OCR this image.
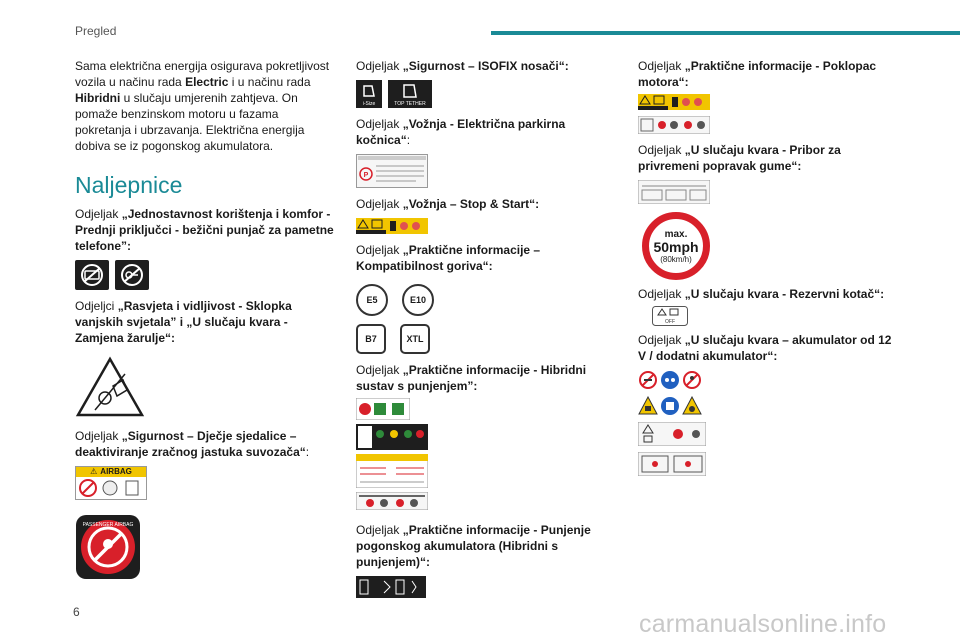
Pregled

Sama električna energija osigurava pokretljivost vozila u načinu rada Electric i u načinu rada Hibridni u slučaju umjerenih zahtjeva. On pomaže benzinskom motoru u fazama pokretanja i ubrzavanja. Električna energija dobiva se iz pogonskog akumulatora.

Naljepnice
Odjeljak „Jednostavnost korištenja i komfor - Prednji priključci - bežični punjač za pametne telefone”:
Odjeljci „Rasvjeta i vidljivost - Sklopka vanjskih svjetala” i „U slučaju kvara - Zamjena žarulje“:
Odjeljak „Sigurnost – Dječje sjedalice – deaktiviranje zračnog jastuka suvozača“:
⚠ AIRBAG
PASSENGER AIRBAG
Odjeljak „Sigurnost – ISOFIX nosači“:
i-Size	TOP TETHER
Odjeljak „Vožnja - Električna parkirna kočnica“:
P
Odjeljak „Vožnja – Stop & Start“:
Odjeljak „Praktične informacije – Kompatibilnost goriva“:
E5	E10
B7	XTL
Odjeljak „Praktične informacije - Hibridni sustav s punjenjem”:
Odjeljak „Praktične informacije - Punjenje pogonskog akumulatora (Hibridni s punjenjem)“:
Odjeljak „Praktične informacije - Poklopac motora“:
Odjeljak „U slučaju kvara - Pribor za privremeni popravak gume“:
max.
50mph
(80km/h)
Odjeljak „U slučaju kvara - Rezervni kotač“:
OFF
Odjeljak „U slučaju kvara – akumulator od 12 V / dodatni akumulator“:
6	carmanualsonline.info
